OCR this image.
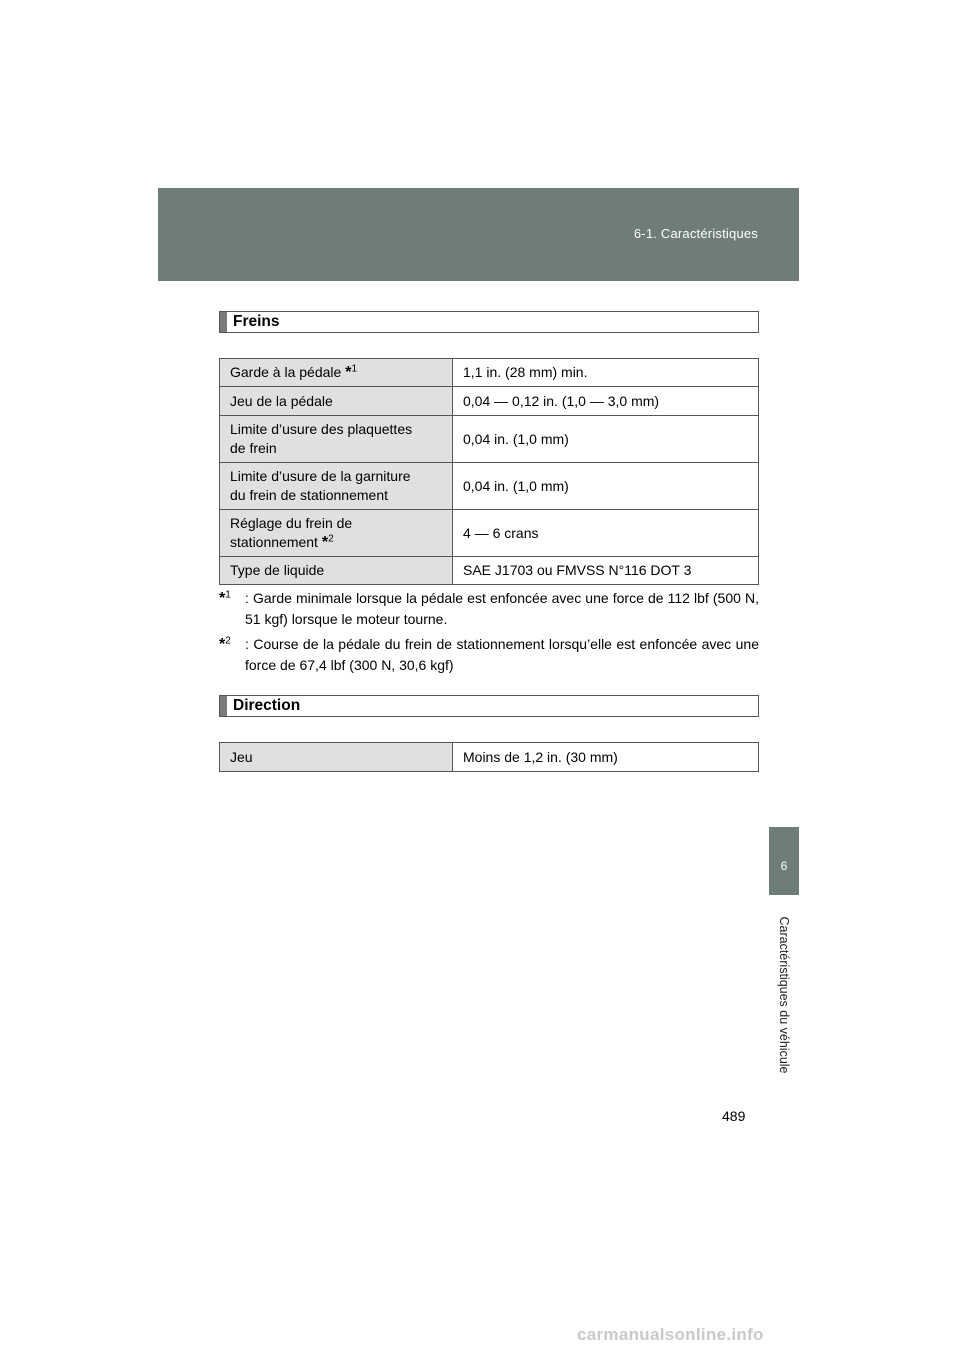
6-1. Caractéristiques
6
Caractéristiques du véhicule
Freins
Garde à la pédale *$^1$	1,1 in. (28 mm) min.
Jeu de la pédale	0,04 — 0,12 in. (1,0 — 3,0 mm)
Limite d’usure des plaquettes
de frein	0,04 in. (1,0 mm)
Limite d’usure de la garniture
du frein de stationnement	0,04 in. (1,0 mm)
Réglage du frein de
stationnement *$^2$	4 — 6 crans
Type de liquide	SAE J1703 ou FMVSS N°116 DOT 3
*$^1$ : Garde minimale lorsque la pédale est enfoncée avec une force de 112 lbf (500 N, 51 kgf) lorsque le moteur tourne.
*$^2$ : Course de la pédale du frein de stationnement lorsqu’elle est enfoncée avec une force de 67,4 lbf (300 N, 30,6 kgf)
Direction
Jeu	Moins de 1,2 in. (30 mm)
489
carmanualsonline.info
